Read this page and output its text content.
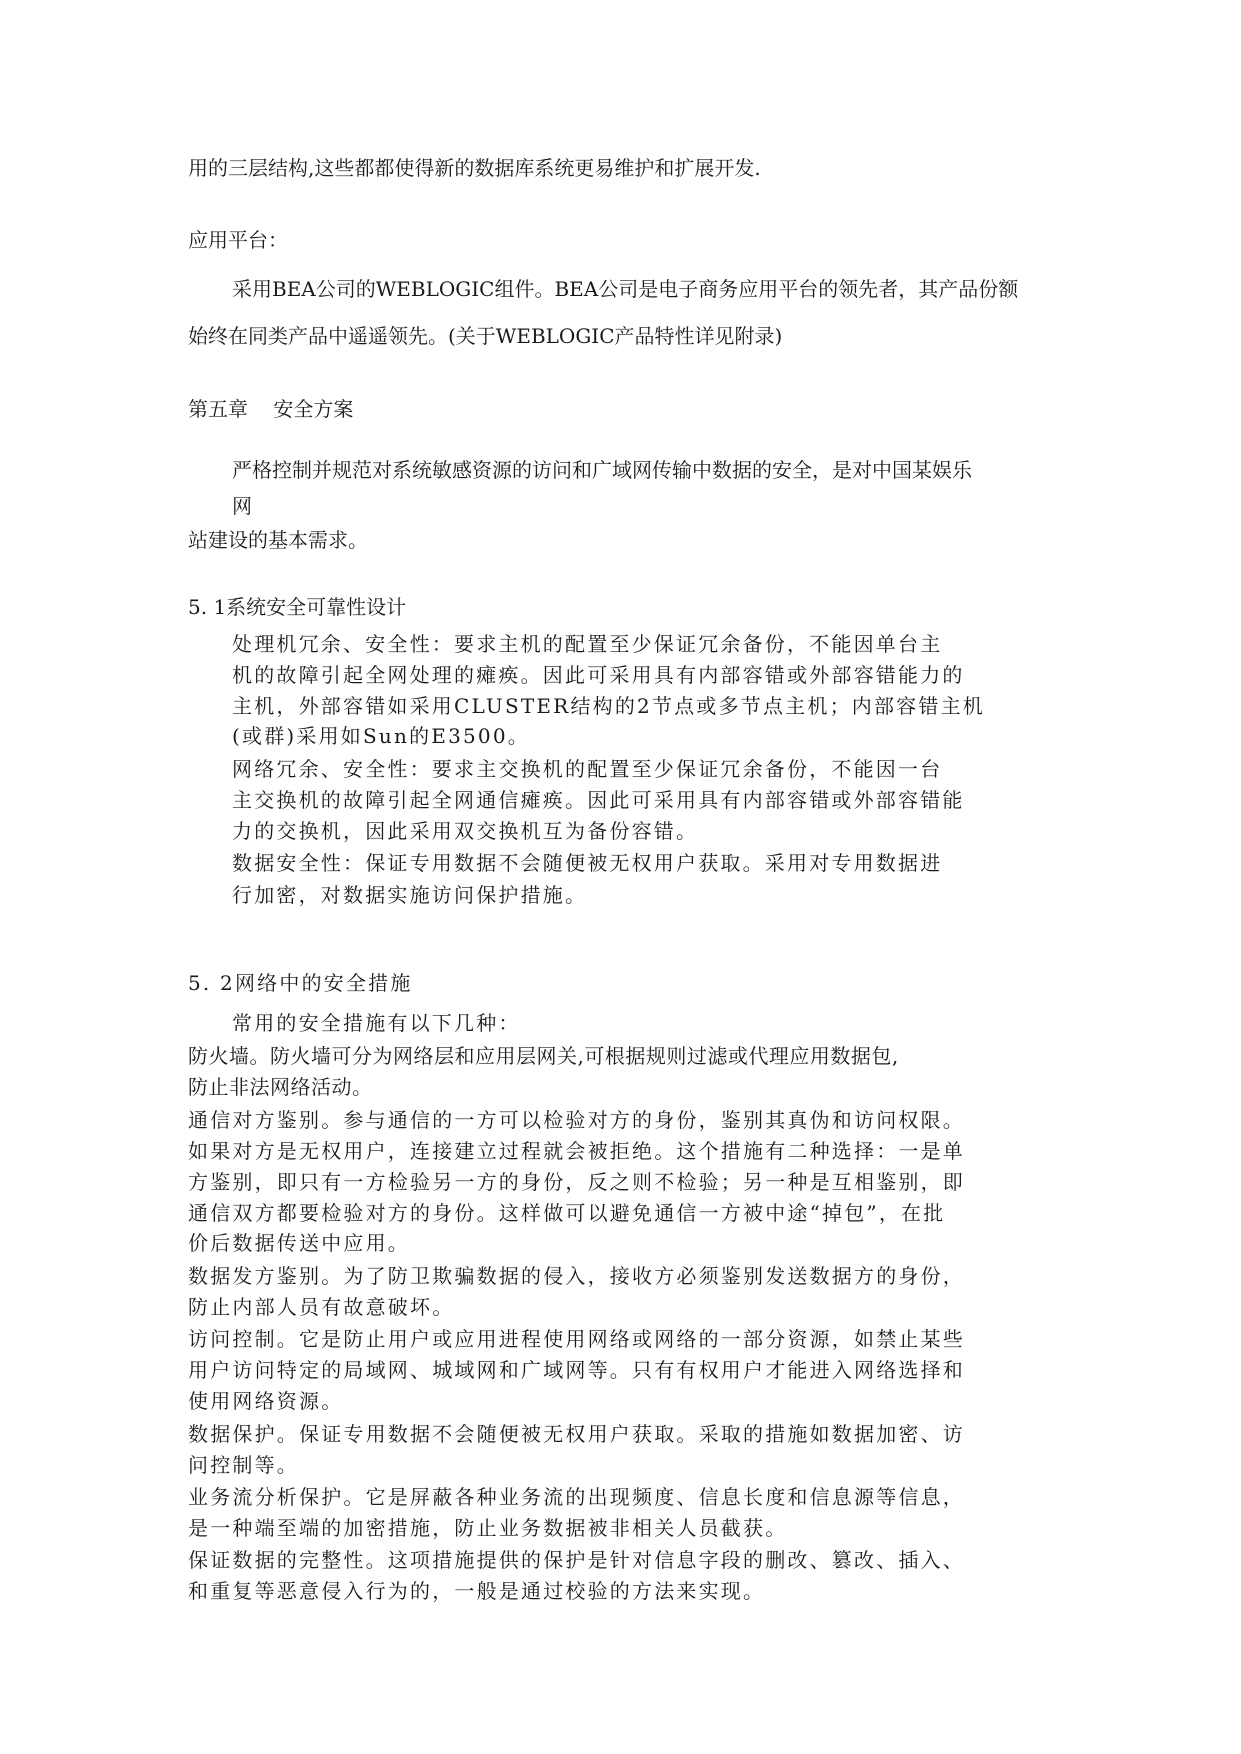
用的三层结构,这些都都使得新的数据库系统更易维护和扩展开发.

应用平台：

采用BEA公司的WEBLOGIC组件。BEA公司是电子商务应用平台的领先者，其产品份额

始终在同类产品中遥遥领先。(关于WEBLOGIC产品特性详见附录)

第五章    安全方案

严格控制并规范对系统敏感资源的访问和广域网传输中数据的安全，是对中国某娱乐

网

站建设的基本需求。

5. 1系统安全可靠性设计

处理机冗余、安全性：要求主机的配置至少保证冗余备份，不能因单台主

机的故障引起全网处理的瘫痪。因此可采用具有内部容错或外部容错能力的

主机，外部容错如采用CLUSTER结构的2节点或多节点主机；内部容错主机

(或群)采用如Sun的E3500。

网络冗余、安全性：要求主交换机的配置至少保证冗余备份，不能因一台

主交换机的故障引起全网通信瘫痪。因此可采用具有内部容错或外部容错能

力的交换机，因此采用双交换机互为备份容错。

数据安全性：保证专用数据不会随便被无权用户获取。采用对专用数据进

行加密，对数据实施访问保护措施。

5. 2网络中的安全措施

常用的安全措施有以下几种：

防火墙。防火墙可分为网络层和应用层网关,可根据规则过滤或代理应用数据包,

防止非法网络活动。

通信对方鉴别。参与通信的一方可以检验对方的身份，鉴别其真伪和访问权限。

如果对方是无权用户，连接建立过程就会被拒绝。这个措施有二种选择：一是单

方鉴别，即只有一方检验另一方的身份，反之则不检验；另一种是互相鉴别，即

通信双方都要检验对方的身份。这样做可以避免通信一方被中途“掉包”，在批

价后数据传送中应用。

数据发方鉴别。为了防卫欺骗数据的侵入，接收方必须鉴别发送数据方的身份，

防止内部人员有故意破坏。

访问控制。它是防止用户或应用进程使用网络或网络的一部分资源，如禁止某些

用户访问特定的局域网、城域网和广域网等。只有有权用户才能进入网络选择和

使用网络资源。

数据保护。保证专用数据不会随便被无权用户获取。采取的措施如数据加密、访

问控制等。

业务流分析保护。它是屏蔽各种业务流的出现频度、信息长度和信息源等信息，

是一种端至端的加密措施，防止业务数据被非相关人员截获。

保证数据的完整性。这项措施提供的保护是针对信息字段的删改、篡改、插入、

和重复等恶意侵入行为的，一般是通过校验的方法来实现。
